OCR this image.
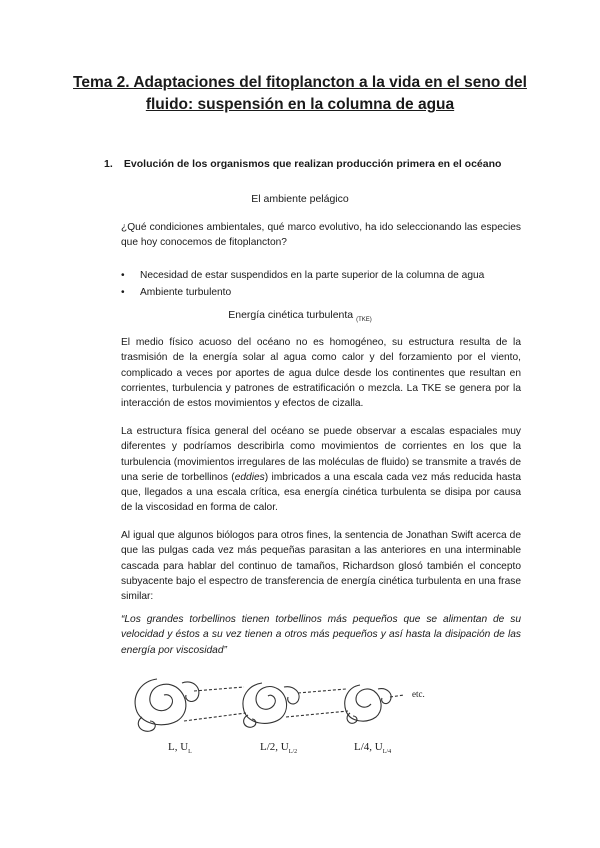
Tema 2. Adaptaciones del fitoplancton a la vida en el seno del fluido: suspensión en la columna de agua
1. Evolución de los organismos que realizan producción primera en el océano
El ambiente pelágico
¿Qué condiciones ambientales, qué marco evolutivo, ha ido seleccionando las especies que hoy conocemos de fitoplancton?
• Necesidad de estar suspendidos en la parte superior de la columna de agua
• Ambiente turbulento
Energía cinética turbulenta $_{(TKE)}$
El medio físico acuoso del océano no es homogéneo, su estructura resulta de la trasmisión de la energía solar al agua como calor y del forzamiento por el viento, complicado a veces por aportes de agua dulce desde los continentes que resultan en corrientes, turbulencia y patrones de estratificación o mezcla. La TKE se genera por la interacción de estos movimientos y efectos de cizalla.
La estructura física general del océano se puede observar a escalas espaciales muy diferentes y podríamos describirla como movimientos de corrientes en los que la turbulencia (movimientos irregulares de las moléculas de fluido) se transmite a través de una serie de torbellinos (eddies) imbricados a una escala cada vez más reducida hasta que, llegados a una escala crítica, esa energía cinética turbulenta se disipa por causa de la viscosidad en forma de calor.
Al igual que algunos biólogos para otros fines, la sentencia de Jonathan Swift acerca de que las pulgas cada vez más pequeñas parasitan a las anteriores en una interminable cascada para hablar del continuo de tamaños, Richardson glosó también el concepto subyacente bajo el espectro de transferencia de energía cinética turbulenta en una frase similar:
“Los grandes torbellinos tienen torbellinos más pequeños que se alimentan de su velocidad y éstos a su vez tienen a otros más pequeños y así hasta la disipación de las energía por viscosidad”
etc.
L, $U_L$	L/2, $U_{L/2}$	L/4, $U_{L/4}$
